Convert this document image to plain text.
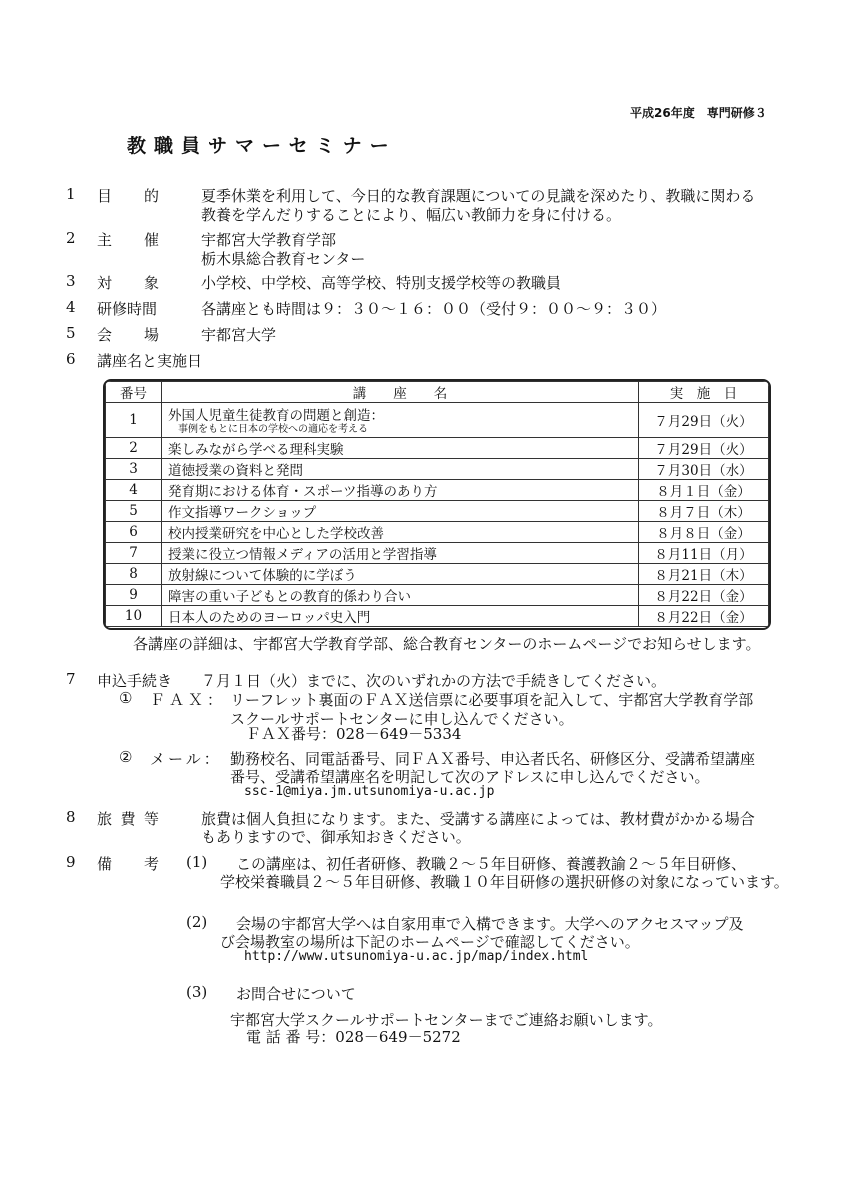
平成26年度　専門研修３
教職員サマーセミナー
1 目 的	夏季休業を利用して、今日的な教育課題についての見識を深めたり、教職に関わる
教養を学んだりすることにより、幅広い教師力を身に付ける。
2 主 催	宇都宮大学教育学部
栃木県総合教育センター
3 対 象	小学校、中学校、高等学校、特別支援学校等の教職員
4 研修時間	各講座とも時間は９：３０～１６：００（受付９：００～９：３０）
5 会 場	宇都宮大学
6 講座名と実施日
番号	講　　座　　名	実　施　日
1	外国人児童生徒教育の問題と創造：
事例をもとに日本の学校への適応を考える	７月29日（火）
2	楽しみながら学べる理科実験	７月29日（火）
3	道徳授業の資料と発問	７月30日（水）
4	発育期における体育・スポーツ指導のあり方	８月１日（金）
5	作文指導ワークショップ	８月７日（木）
6	校内授業研究を中心とした学校改善	８月８日（金）
7	授業に役立つ情報メディアの活用と学習指導	８月11日（月）
8	放射線について体験的に学ぼう	８月21日（木）
9	障害の重い子どもとの教育的係わり合い	８月22日（金）
10	日本人のためのヨーロッパ史入門	８月22日（金）
各講座の詳細は、宇都宮大学教育学部、総合教育センターのホームページでお知らせします。
7 申込手続き ７月１日（火）までに、次のいずれかの方法で手続きしてください。
① ＦＡＸ： リーフレット裏面のＦＡＸ送信票に必要事項を記入して、宇都宮大学教育学部
スクールサポートセンターに申し込んでください。
ＦＡＸ番号：028－649－5334
② メール： 勤務校名、同電話番号、同ＦＡＸ番号、申込者氏名、研修区分、受講希望講座
番号、受講希望講座名を明記して次のアドレスに申し込んでください。
ssc-1@miya.jm.utsunomiya-u.ac.jp
8 旅 費 等	旅費は個人負担になります。また、受講する講座によっては、教材費がかかる場合
もありますので、御承知おきください。
9 備 考 (1) この講座は、初任者研修、教職２～５年目研修、養護教諭２～５年目研修、
学校栄養職員２～５年目研修、教職１０年目研修の選択研修の対象になっています。
(2) 会場の宇都宮大学へは自家用車で入構できます。大学へのアクセスマップ及
び会場教室の場所は下記のホームページで確認してください。
http://www.utsunomiya-u.ac.jp/map/index.html
(3) お問合せについて
宇都宮大学スクールサポートセンターまでご連絡お願いします。
電 話 番 号：028－649－5272
